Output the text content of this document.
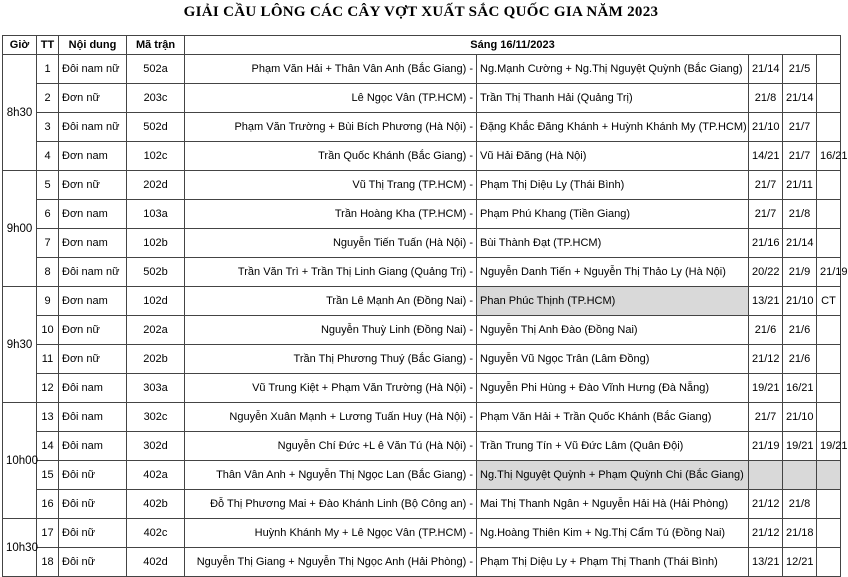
GIẢI CẦU LÔNG CÁC CÂY VỢT XUẤT SẮC QUỐC GIA NĂM 2023
Giờ	TT	Nội dung	Mã trận	Sáng 16/11/2023				
8h30	1	Đôi nam nữ	502a	Phạm Văn Hải + Thân Vân Anh (Bắc Giang) -	Ng.Mạnh Cường + Ng.Thị Nguyệt Quỳnh (Bắc Giang)	21/14	21/5	
	2	Đơn nữ	203c	Lê Ngọc Vân (TP.HCM) -	Trần Thị Thanh Hải (Quảng Trị)	21/8	21/14	
	3	Đôi nam nữ	502d	Phạm Văn Trường + Bùi Bích Phương (Hà Nội) -	Đặng Khắc Đăng Khánh + Huỳnh Khánh My (TP.HCM)	21/10	21/7	
	4	Đơn nam	102c	Trần Quốc Khánh (Bắc Giang) -	Vũ Hải Đăng (Hà Nội)	14/21	21/7	16/21
9h00	5	Đơn nữ	202d	Vũ Thị Trang (TP.HCM) -	Phạm Thị Diệu Ly (Thái Bình)	21/7	21/11	
	6	Đơn nam	103a	Trần Hoàng Kha (TP.HCM) -	Phạm Phú Khang (Tiền Giang)	21/7	21/8	
	7	Đơn nam	102b	Nguyễn Tiến Tuấn (Hà Nội) -	Bùi Thành Đạt (TP.HCM)	21/16	21/14	
	8	Đôi nam nữ	502b	Trần Văn Trì + Trần Thị Linh Giang (Quảng Trị) -	Nguyễn Danh Tiến + Nguyễn Thị Thảo Ly (Hà Nội)	20/22	21/9	21/19
9h30	9	Đơn nam	102d	Trần Lê Mạnh An (Đồng Nai) -	Phan Phúc Thịnh (TP.HCM)	13/21	21/10	CT
	10	Đơn nữ	202a	Nguyễn Thuỳ Linh (Đồng Nai) -	Nguyễn Thị Anh Đào (Đồng Nai)	21/6	21/6	
	11	Đơn nữ	202b	Trần Thị Phương Thuý (Bắc Giang) -	Nguyễn Vũ Ngọc Trân (Lâm Đồng)	21/12	21/6	
	12	Đôi nam	303a	Vũ Trung Kiệt + Phạm Văn Trường (Hà Nội) -	Nguyễn Phi Hùng + Đào Vĩnh Hưng (Đà Nẵng)	19/21	16/21	
10h00	13	Đôi nam	302c	Nguyễn Xuân Mạnh + Lương Tuấn Huy (Hà Nội) -	Phạm Văn Hải + Trần Quốc Khánh (Bắc Giang)	21/7	21/10	
	14	Đôi nam	302d	Nguyễn Chí Đức +L ê Văn Tú (Hà Nội) -	Trần Trung Tín + Vũ Đức Lâm (Quân Đội)	21/19	19/21	19/21
	15	Đôi nữ	402a	Thân Vân Anh + Nguyễn Thị Ngọc Lan (Bắc Giang) -	Ng.Thị Nguyệt Quỳnh + Phạm Quỳnh Chi (Bắc Giang)			
	16	Đôi nữ	402b	Đỗ Thị Phương Mai + Đào Khánh Linh (Bộ Công an) -	Mai Thị Thanh Ngân + Nguyễn Hải Hà (Hải Phòng)	21/12	21/8	
10h30	17	Đôi nữ	402c	Huỳnh Khánh My + Lê Ngọc Vân (TP.HCM) -	Ng.Hoàng Thiên Kim + Ng.Thị Cẩm Tú (Đồng Nai)	21/12	21/18	
	18	Đôi nữ	402d	Nguyễn Thị Giang + Nguyễn Thị Ngọc Anh (Hải Phòng) -	Phạm Thị Diệu Ly + Phạm Thị Thanh (Thái Bình)	13/21	12/21	
